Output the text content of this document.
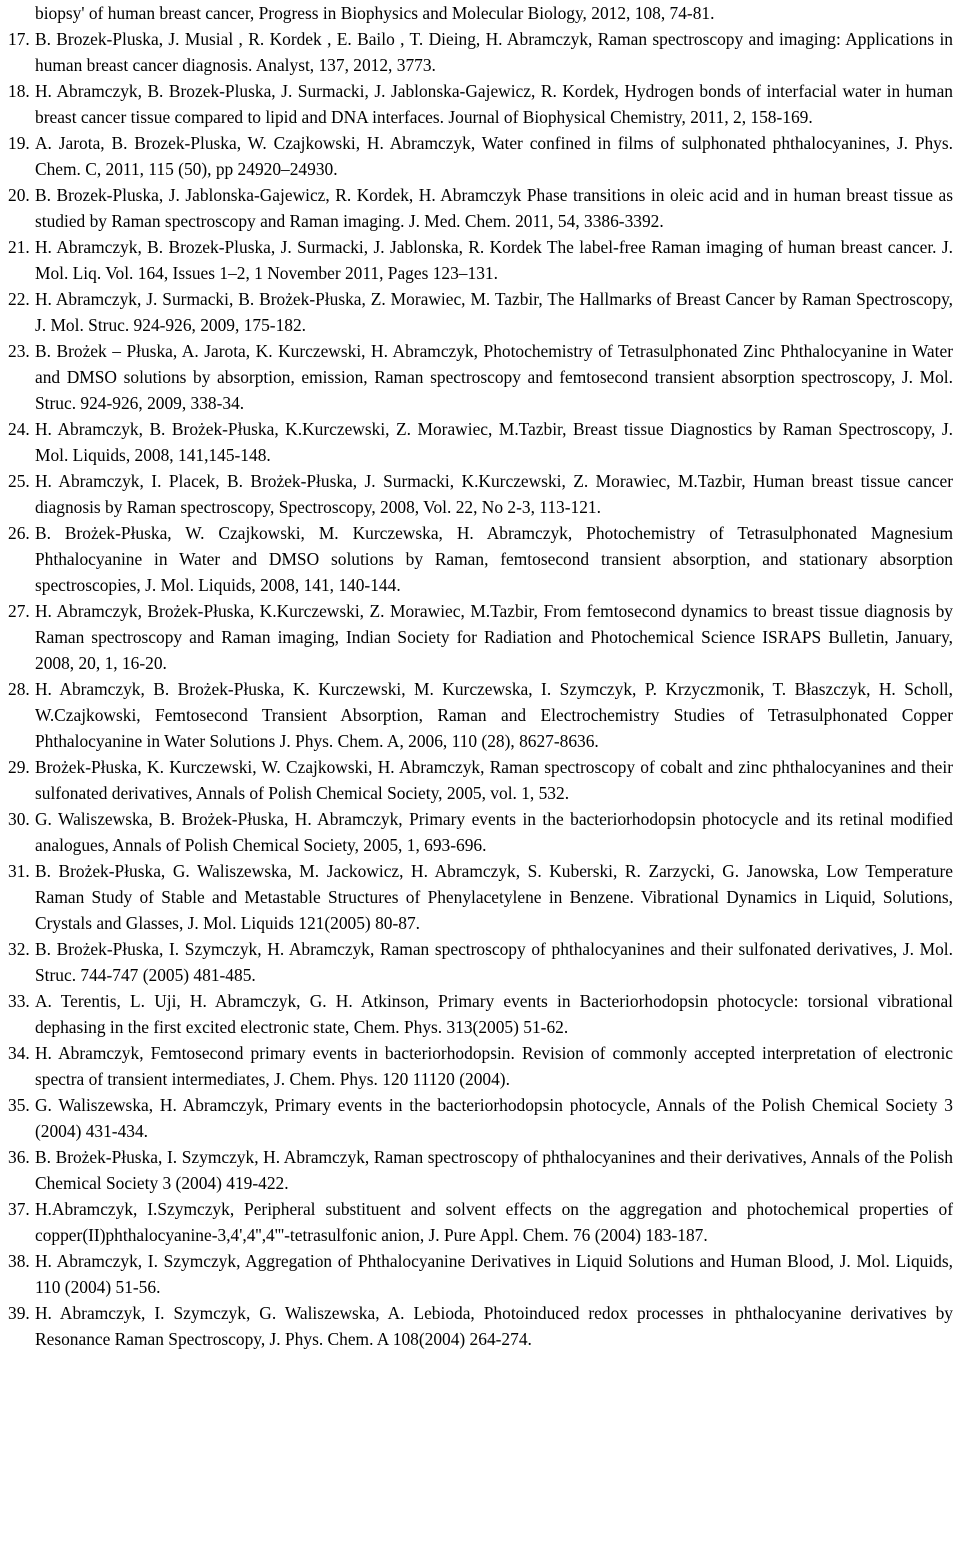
biopsy' of human breast cancer, Progress in Biophysics and Molecular Biology, 2012, 108, 74-81.
17. B. Brozek-Pluska, J. Musial , R. Kordek , E. Bailo , T. Dieing, H. Abramczyk, Raman spectroscopy and imaging: Applications in human breast cancer diagnosis. Analyst, 137, 2012, 3773.
18. H. Abramczyk, B. Brozek-Pluska, J. Surmacki, J. Jablonska-Gajewicz, R. Kordek, Hydrogen bonds of interfacial water in human breast cancer tissue compared to lipid and DNA interfaces. Journal of Biophysical Chemistry, 2011, 2, 158-169.
19. A. Jarota, B. Brozek-Pluska, W. Czajkowski, H. Abramczyk, Water confined in films of sulphonated phthalocyanines, J. Phys. Chem. C, 2011, 115 (50), pp 24920–24930.
20. B. Brozek-Pluska, J. Jablonska-Gajewicz, R. Kordek, H. Abramczyk Phase transitions in oleic acid and in human breast tissue as studied by Raman spectroscopy and Raman imaging. J. Med. Chem. 2011, 54, 3386-3392.
21. H. Abramczyk, B. Brozek-Pluska, J. Surmacki, J. Jablonska, R. Kordek The label-free Raman imaging of human breast cancer. J. Mol. Liq. Vol. 164, Issues 1–2, 1 November 2011, Pages 123–131.
22. H. Abramczyk, J. Surmacki, B. Brożek-Płuska, Z. Morawiec, M. Tazbir, The Hallmarks of Breast Cancer by Raman Spectroscopy, J. Mol. Struc. 924-926, 2009, 175-182.
23. B. Brożek – Płuska, A. Jarota, K. Kurczewski, H. Abramczyk, Photochemistry of Tetrasulphonated Zinc Phthalocyanine in Water and DMSO solutions by absorption, emission, Raman spectroscopy and femtosecond transient absorption spectroscopy, J. Mol. Struc. 924-926, 2009, 338-34.
24. H. Abramczyk, B. Brożek-Płuska, K.Kurczewski, Z. Morawiec, M.Tazbir, Breast tissue Diagnostics by Raman Spectroscopy, J. Mol. Liquids, 2008, 141,145-148.
25. H. Abramczyk, I. Placek, B. Brożek-Płuska, J. Surmacki, K.Kurczewski, Z. Morawiec, M.Tazbir, Human breast tissue cancer diagnosis by Raman spectroscopy, Spectroscopy, 2008, Vol. 22, No 2-3, 113-121.
26. B. Brożek-Płuska, W. Czajkowski, M. Kurczewska, H. Abramczyk, Photochemistry of Tetrasulphonated Magnesium Phthalocyanine in Water and DMSO solutions by Raman, femtosecond transient absorption, and stationary absorption spectroscopies, J. Mol. Liquids, 2008, 141, 140-144.
27. H. Abramczyk, Brożek-Płuska, K.Kurczewski, Z. Morawiec, M.Tazbir, From femtosecond dynamics to breast tissue diagnosis by Raman spectroscopy and Raman imaging, Indian Society for Radiation and Photochemical Science ISRAPS Bulletin, January, 2008, 20, 1, 16-20.
28. H. Abramczyk, B. Brożek-Płuska, K. Kurczewski, M. Kurczewska, I. Szymczyk, P. Krzyczmonik, T. Błaszczyk, H. Scholl, W.Czajkowski, Femtosecond Transient Absorption, Raman and Electrochemistry Studies of Tetrasulphonated Copper Phthalocyanine in Water Solutions J. Phys. Chem. A, 2006, 110 (28), 8627-8636.
29. Brożek-Płuska, K. Kurczewski, W. Czajkowski, H. Abramczyk, Raman spectroscopy of cobalt and zinc phthalocyanines and their sulfonated derivatives, Annals of Polish Chemical Society, 2005, vol. 1, 532.
30. G. Waliszewska, B. Brożek-Płuska, H. Abramczyk, Primary events in the bacteriorhodopsin photocycle and its retinal modified analogues, Annals of Polish Chemical Society, 2005, 1, 693-696.
31. B. Brożek-Płuska, G. Waliszewska, M. Jackowicz, H. Abramczyk, S. Kuberski, R. Zarzycki, G. Janowska, Low Temperature Raman Study of Stable and Metastable Structures of Phenylacetylene in Benzene. Vibrational Dynamics in Liquid, Solutions, Crystals and Glasses, J. Mol. Liquids 121(2005) 80-87.
32. B. Brożek-Płuska, I. Szymczyk, H. Abramczyk, Raman spectroscopy of phthalocyanines and their sulfonated derivatives, J. Mol. Struc. 744-747 (2005) 481-485.
33. A. Terentis, L. Uji, H. Abramczyk, G. H. Atkinson, Primary events in Bacteriorhodopsin photocycle: torsional vibrational dephasing in the first excited electronic state, Chem. Phys. 313(2005) 51-62.
34. H. Abramczyk, Femtosecond primary events in bacteriorhodopsin. Revision of commonly accepted interpretation of electronic spectra of transient intermediates, J. Chem. Phys. 120 11120 (2004).
35. G. Waliszewska, H. Abramczyk, Primary events in the bacteriorhodopsin photocycle, Annals of the Polish Chemical Society 3 (2004) 431-434.
36. B. Brożek-Płuska, I. Szymczyk, H. Abramczyk, Raman spectroscopy of phthalocyanines and their derivatives, Annals of the Polish Chemical Society 3 (2004) 419-422.
37. H.Abramczyk, I.Szymczyk, Peripheral substituent and solvent effects on the aggregation and photochemical properties of copper(II)phthalocyanine-3,4',4'',4'''-tetrasulfonic anion, J. Pure Appl. Chem. 76 (2004) 183-187.
38. H. Abramczyk, I. Szymczyk, Aggregation of Phthalocyanine Derivatives in Liquid Solutions and Human Blood, J. Mol. Liquids, 110 (2004) 51-56.
39. H. Abramczyk, I. Szymczyk, G. Waliszewska, A. Lebioda, Photoinduced redox processes in phthalocyanine derivatives by Resonance Raman Spectroscopy, J. Phys. Chem. A 108(2004) 264-274.
